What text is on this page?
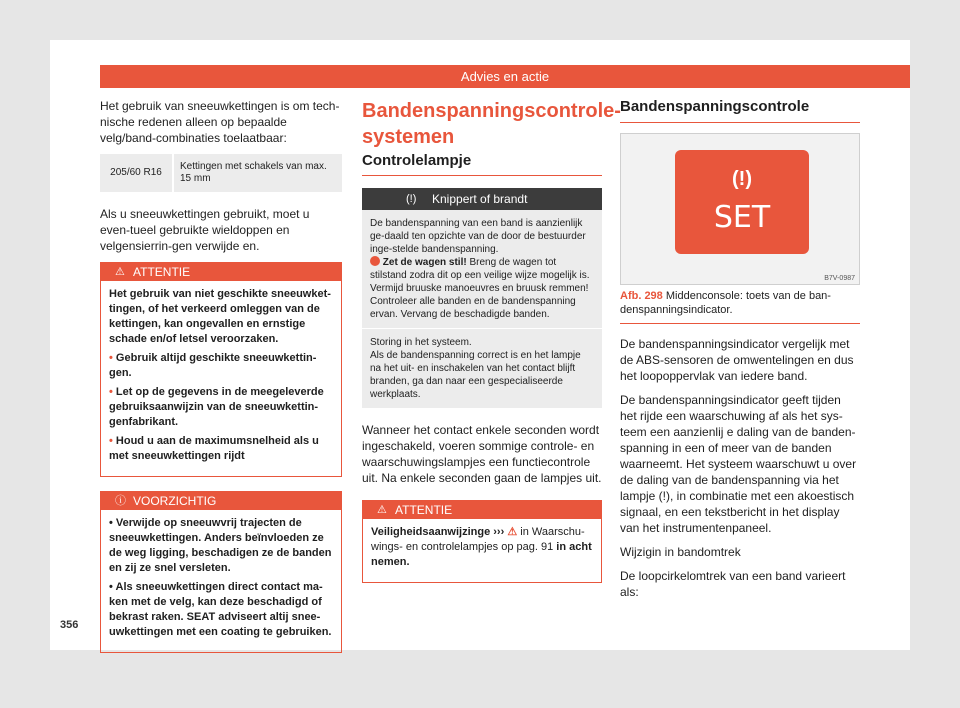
Advies en actie

Het gebruik van sneeuwkettingen is om tech-nische redenen alleen op bepaalde velg/band-combinaties toelaatbaar:

205/60 R16	Kettingen met schakels van max. 15 mm

Als u sneeuwkettingen gebruikt, moet u even-tueel gebruikte wieldoppen en velgensierrin-gen verwijde en.

⚠ ATTENTIE

Het gebruik van niet geschikte sneeuwket-tingen, of het verkeerd omleggen van de kettingen, kan ongevallen en ernstige schade en/of letsel veroorzaken.

• Gebruik altijd geschikte sneeuwkettin-gen.

• Let op de gegevens in de meegeleverde gebruiksaanwijzin van de sneeuwkettin-genfabrikant.

• Houd u aan de maximumsnelheid als u met sneeuwkettingen rijdt

ⓘ VOORZICHTIG

• Verwijde op sneeuwvrij trajecten de sneeuwkettingen. Anders beïnvloeden ze de weg ligging, beschadigen ze de banden en zij ze snel versleten.

• Als sneeuwkettingen direct contact ma-ken met de velg, kan deze beschadigd of bekrast raken. SEAT adviseert altij snee-uwkettingen met een coating te gebruiken.

Bandenspanningscontrole-systemen
Controlelampje
(!) Knippert of brandt

De bandenspanning van een band is aanzienlijk ge-daald ten opzichte van de door de bestuurder inge-stelde bandenspanning.
Zet de wagen stil! Breng de wagen tot stilstand zodra dit op een veilige wijze mogelijk is. Vermijd bruuske manoeuvres en bruusk remmen! Controleer alle banden en de bandenspanning ervan. Vervang de beschadigde banden.

Storing in het systeem.

Als de bandenspanning correct is en het lampje na het uit- en inschakelen van het contact blijft branden, ga dan naar een gespecialiseerde werkplaats.

Wanneer het contact enkele seconden wordt ingeschakeld, voeren sommige controle- en waarschuwingslampjes een functiecontrole uit. Na enkele seconden gaan de lampjes uit.

⚠ ATTENTIE

Veiligheidsaanwijzinge ››› ⚠ in Waarschu-wings- en controlelampjes op pag. 91 in acht nemen.

Bandenspanningscontrole
(!)
SET
B7V-0987
Afb. 298 Middenconsole: toets van de ban-denspanningsindicator.

De bandenspanningsindicator vergelijk met de ABS-sensoren de omwentelingen en dus het loopoppervlak van iedere band.

De bandenspanningsindicator geeft tijden het rijde een waarschuwing af als het sys-teem een aanzienlij e daling van de banden-spanning in een of meer van de banden waarneemt. Het systeem waarschuwt u over de daling van de bandenspanning via het lampje (!), in combinatie met een akoestisch signaal, en een tekstbericht in het display van het instrumentenpaneel.

Wijzigin in bandomtrek

De loopcirkelomtrek van een band varieert als:

356
